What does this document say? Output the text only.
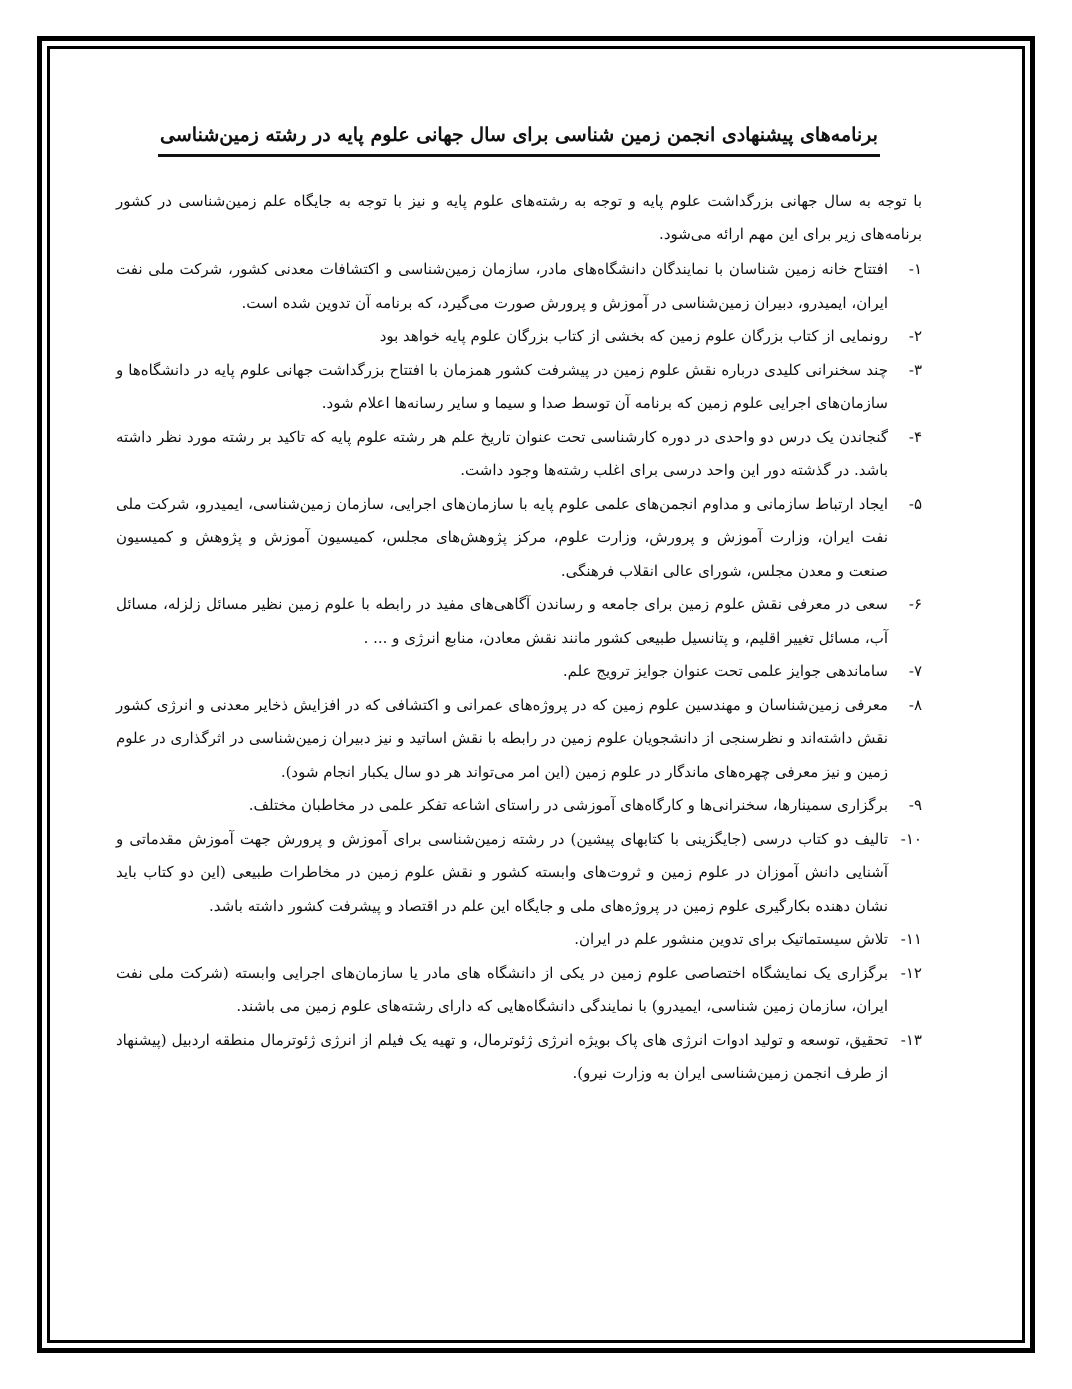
برنامه‌های پیشنهادی انجمن زمین شناسی برای سال جهانی علوم پایه در رشته زمین‌شناسی

با توجه به سال جهانی بزرگداشت علوم پایه و توجه به رشته‌های علوم پایه و نیز با توجه به جایگاه علم زمین‌شناسی در کشور برنامه‌های زیر برای این مهم ارائه می‌شود.

۱-
افتتاح خانه زمین شناسان با نمایندگان دانشگاه‌های مادر، سازمان زمین‌شناسی و اکتشافات معدنی کشور، شرکت ملی نفت ایران، ایمیدرو، دبیران زمین‌شناسی در آموزش و پرورش صورت می‌گیرد، که برنامه آن تدوین شده است.
۲-
رونمایی از کتاب بزرگان علوم زمین که بخشی از کتاب بزرگان علوم پایه خواهد بود
۳-
چند سخنرانی کلیدی درباره نقش علوم زمین در پیشرفت کشور همزمان با افتتاح بزرگداشت جهانی علوم پایه در دانشگاه‌ها و سازمان‌های اجرایی علوم زمین که برنامه آن توسط صدا و سیما و سایر رسانه‌ها اعلام شود.
۴-
گنجاندن یک درس دو واحدی در دوره کارشناسی تحت عنوان تاریخ علم هر رشته علوم پایه که تاکید بر رشته مورد نظر داشته باشد. در گذشته دور این واحد درسی برای اغلب رشته‌ها وجود داشت.
۵-
ایجاد ارتباط سازمانی و مداوم انجمن‌های علمی علوم پایه با سازمان‌های اجرایی، سازمان زمین‌شناسی، ایمیدرو، شرکت ملی نفت ایران، وزارت آموزش و پرورش، وزارت علوم، مرکز پژوهش‌های مجلس، کمیسیون آموزش و پژوهش و کمیسیون صنعت و معدن مجلس، شورای عالی انقلاب فرهنگی.
۶-
سعی در معرفی نقش علوم زمین برای جامعه و رساندن آگاهی‌های مفید در رابطه با علوم زمین نظیر مسائل زلزله، مسائل آب، مسائل تغییر اقلیم، و پتانسیل طبیعی کشور مانند نقش معادن، منابع انرژی و ... .
۷-
ساماندهی جوایز علمی تحت عنوان جوایز ترویج علم.
۸-
معرفی زمین‌شناسان و مهندسین علوم زمین که در پروژه‌های عمرانی و اکتشافی که در افزایش ذخایر معدنی و انرژی کشور نقش داشته‌اند و نظرسنجی از دانشجویان علوم زمین در رابطه با نقش اساتید و نیز دبیران زمین‌شناسی در اثرگذاری در علوم زمین و نیز معرفی چهره‌های ماندگار در علوم زمین (این امر می‌تواند هر دو سال یکبار انجام شود).
۹-
برگزاری سمینارها، سخنرانی‌ها و کارگاه‌های آموزشی در راستای اشاعه تفکر علمی در مخاطبان مختلف.
۱۰-
تالیف دو کتاب درسی (جایگزینی با کتابهای پیشین) در رشته زمین‌شناسی برای آموزش و پرورش جهت آموزش مقدماتی و آشنایی دانش آموزان در علوم زمین و ثروت‌های وابسته کشور و نقش علوم زمین در مخاطرات طبیعی (این دو کتاب باید نشان دهنده بکارگیری علوم زمین در پروژه‌های ملی و جایگاه این علم در اقتصاد و پیشرفت کشور داشته باشد.
۱۱-
تلاش سیستماتیک برای تدوین منشور علم در ایران.
۱۲-
برگزاری یک نمایشگاه اختصاصی علوم زمین در یکی از دانشگاه های مادر یا سازمان‌های اجرایی وابسته (شرکت ملی نفت ایران، سازمان زمین شناسی، ایمیدرو) با نمایندگی دانشگاه‌هایی که دارای رشته‌های علوم زمین می باشند.
۱۳-
تحقیق، توسعه و تولید ادوات انرژی های پاک بویژه انرژی ژئوترمال، و تهیه یک فیلم از انرژی ژئوترمال منطقه اردبیل (پیشنهاد از طرف انجمن زمین‌شناسی ایران به وزارت نیرو).
